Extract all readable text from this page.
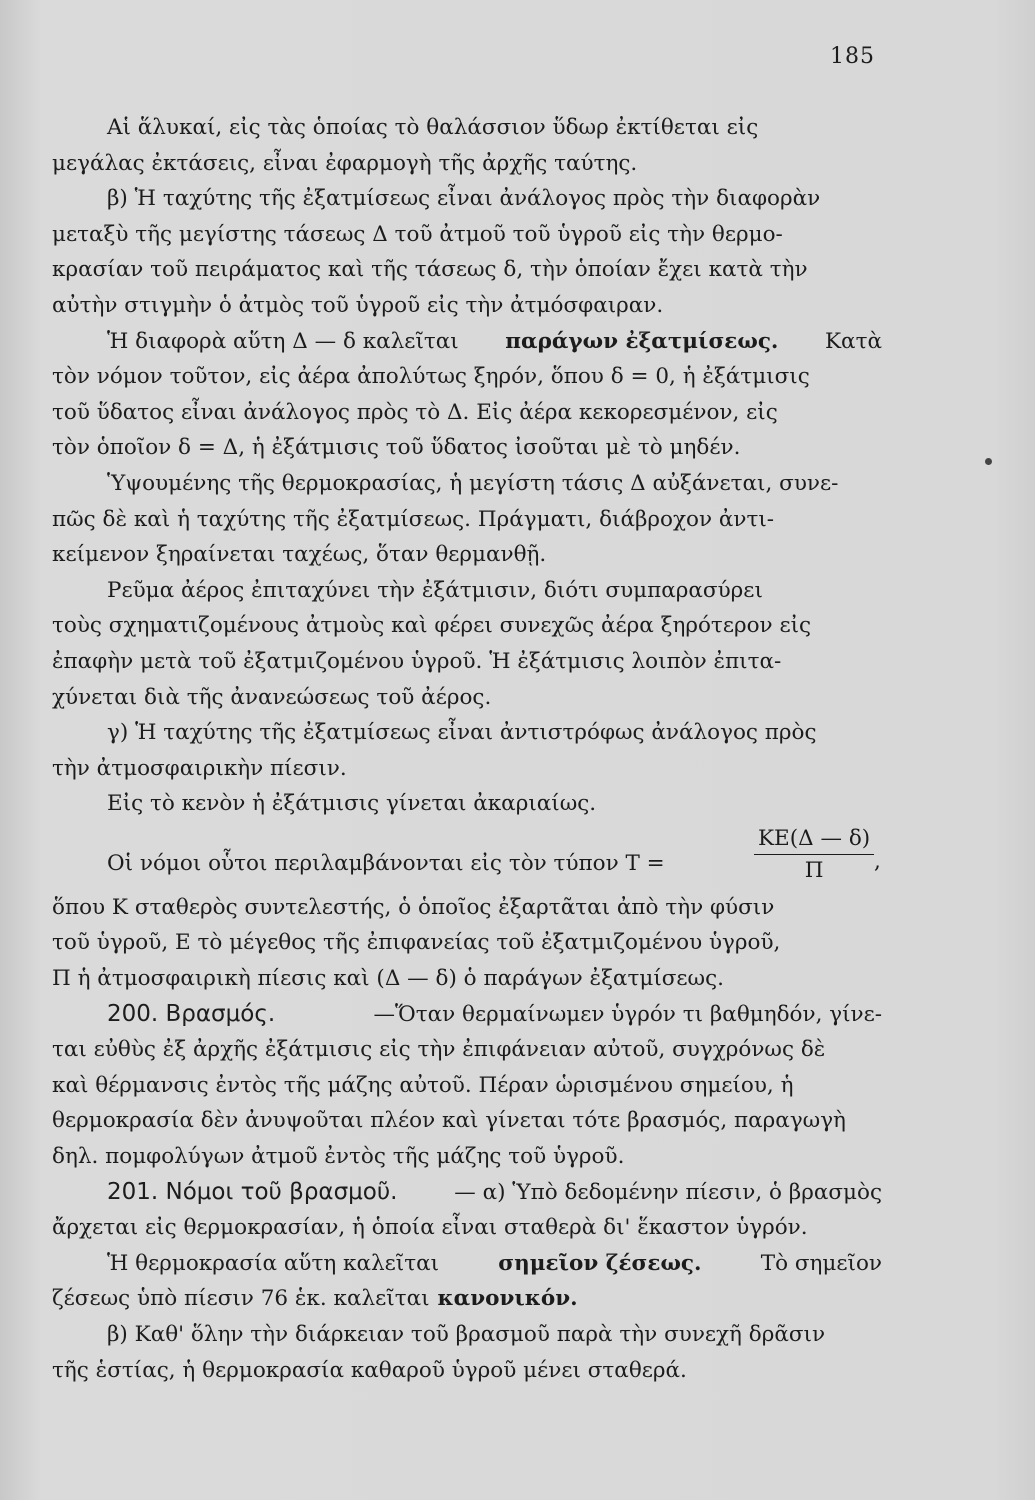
185
Αἱ ἅλυκαί, εἰς τὰς ὁποίας τὸ θαλάσσιον ὕδωρ ἐκτίθεται εἰς
μεγάλας ἐκτάσεις, εἶναι ἐφαρμογὴ τῆς ἀρχῆς ταύτης.
β) Ἡ ταχύτης τῆς ἐξατμίσεως εἶναι ἀνάλογος πρὸς τὴν διαφορὰν
μεταξὺ τῆς μεγίστης τάσεως Δ τοῦ ἀτμοῦ τοῦ ὑγροῦ εἰς τὴν θερμο-
κρασίαν τοῦ πειράματος καὶ τῆς τάσεως δ, τὴν ὁποίαν ἔχει κατὰ τὴν
αὐτὴν στιγμὴν ὁ ἀτμὸς τοῦ ὑγροῦ εἰς τὴν ἀτμόσφαιραν.
Ἡ διαφορὰ αὕτη Δ — δ καλεῖται παράγων ἐξατμίσεως. Κατὰ
τὸν νόμον τοῦτον, εἰς ἀέρα ἀπολύτως ξηρόν, ὅπου δ = 0, ἡ ἐξάτμισις
τοῦ ὕδατος εἶναι ἀνάλογος πρὸς τὸ Δ. Εἰς ἀέρα κεκορεσμένον, εἰς
τὸν ὁποῖον δ = Δ, ἡ ἐξάτμισις τοῦ ὕδατος ἰσοῦται μὲ τὸ μηδέν.
Ὑψουμένης τῆς θερμοκρασίας, ἡ μεγίστη τάσις Δ αὐξάνεται, συνε-
πῶς δὲ καὶ ἡ ταχύτης τῆς ἐξατμίσεως. Πράγματι, διάβροχον ἀντι-
κείμενον ξηραίνεται ταχέως, ὅταν θερμανθῇ.
Ρεῦμα ἀέρος ἐπιταχύνει τὴν ἐξάτμισιν, διότι συμπαρασύρει
τοὺς σχηματιζομένους ἀτμοὺς καὶ φέρει συνεχῶς ἀέρα ξηρότερον εἰς
ἐπαφὴν μετὰ τοῦ ἐξατμιζομένου ὑγροῦ. Ἡ ἐξάτμισις λοιπὸν ἐπιτα-
χύνεται διὰ τῆς ἀνανεώσεως τοῦ ἀέρος.
γ) Ἡ ταχύτης τῆς ἐξατμίσεως εἶναι ἀντιστρόφως ἀνάλογος πρὸς
τὴν ἀτμοσφαιρικὴν πίεσιν.
Εἰς τὸ κενὸν ἡ ἐξάτμισις γίνεται ἀκαριαίως.
Οἱ νόμοι οὗτοι περιλαμβάνονται εἰς τὸν τύπον T =	$\frac{KE(\Delta — \delta)}{\Pi}$ ,
ὅπου K σταθερὸς συντελεστής, ὁ ὁποῖος ἐξαρτᾶται ἀπὸ τὴν φύσιν
τοῦ ὑγροῦ, E τὸ μέγεθος τῆς ἐπιφανείας τοῦ ἐξατμιζομένου ὑγροῦ,
Π ἡ ἀτμοσφαιρικὴ πίεσις καὶ (Δ — δ) ὁ παράγων ἐξατμίσεως.
200. Βρασμός.	—Ὅταν θερμαίνωμεν ὑγρόν τι βαθμηδόν, γίνε-
ται εὐθὺς ἐξ ἀρχῆς ἐξάτμισις εἰς τὴν ἐπιφάνειαν αὐτοῦ, συγχρόνως δὲ
καὶ θέρμανσις ἐντὸς τῆς μάζης αὐτοῦ. Πέραν ὡρισμένου σημείου, ἡ
θερμοκρασία δὲν ἀνυψοῦται πλέον καὶ γίνεται τότε βρασμός, παραγωγὴ
δηλ. πομφολύγων ἀτμοῦ ἐντὸς τῆς μάζης τοῦ ὑγροῦ.
201. Νόμοι τοῦ βρασμοῦ.	— α) Ὑπὸ δεδομένην πίεσιν, ὁ βρασμὸς
ἄρχεται εἰς θερμοκρασίαν, ἡ ὁποία εἶναι σταθερὰ δι' ἕκαστον ὑγρόν.
Ἡ θερμοκρασία αὕτη καλεῖται	σημεῖον ζέσεως.	Τὸ σημεῖον
ζέσεως ὑπὸ πίεσιν 76 ἑκ. καλεῖται κανονικόν.
β) Καθ' ὅλην τὴν διάρκειαν τοῦ βρασμοῦ παρὰ τὴν συνεχῆ δρᾶσιν
τῆς ἑστίας, ἡ θερμοκρασία καθαροῦ ὑγροῦ μένει σταθερά.
